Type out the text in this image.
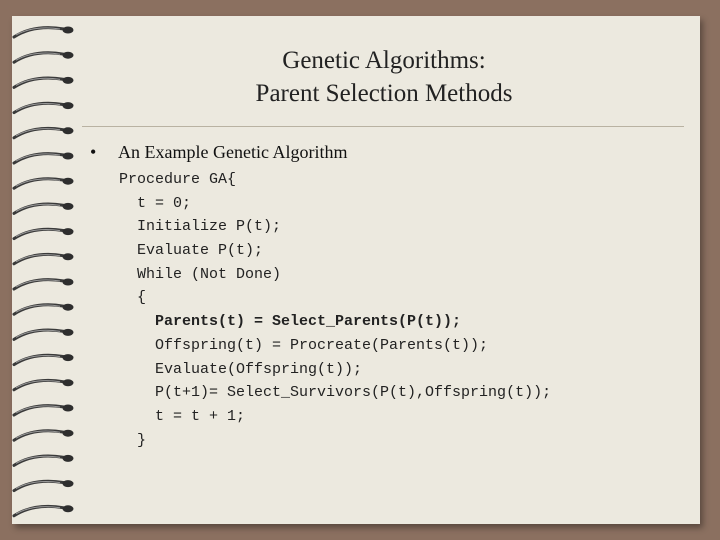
Genetic Algorithms:
Parent Selection Methods
• An Example Genetic Algorithm
Procedure GA{
t = 0;
Initialize P(t);
Evaluate P(t);
While (Not Done)
{
Parents(t) = Select_Parents(P(t));
Offspring(t) = Procreate(Parents(t));
Evaluate(Offspring(t));
P(t+1)= Select_Survivors(P(t),Offspring(t));
t = t + 1;
}
